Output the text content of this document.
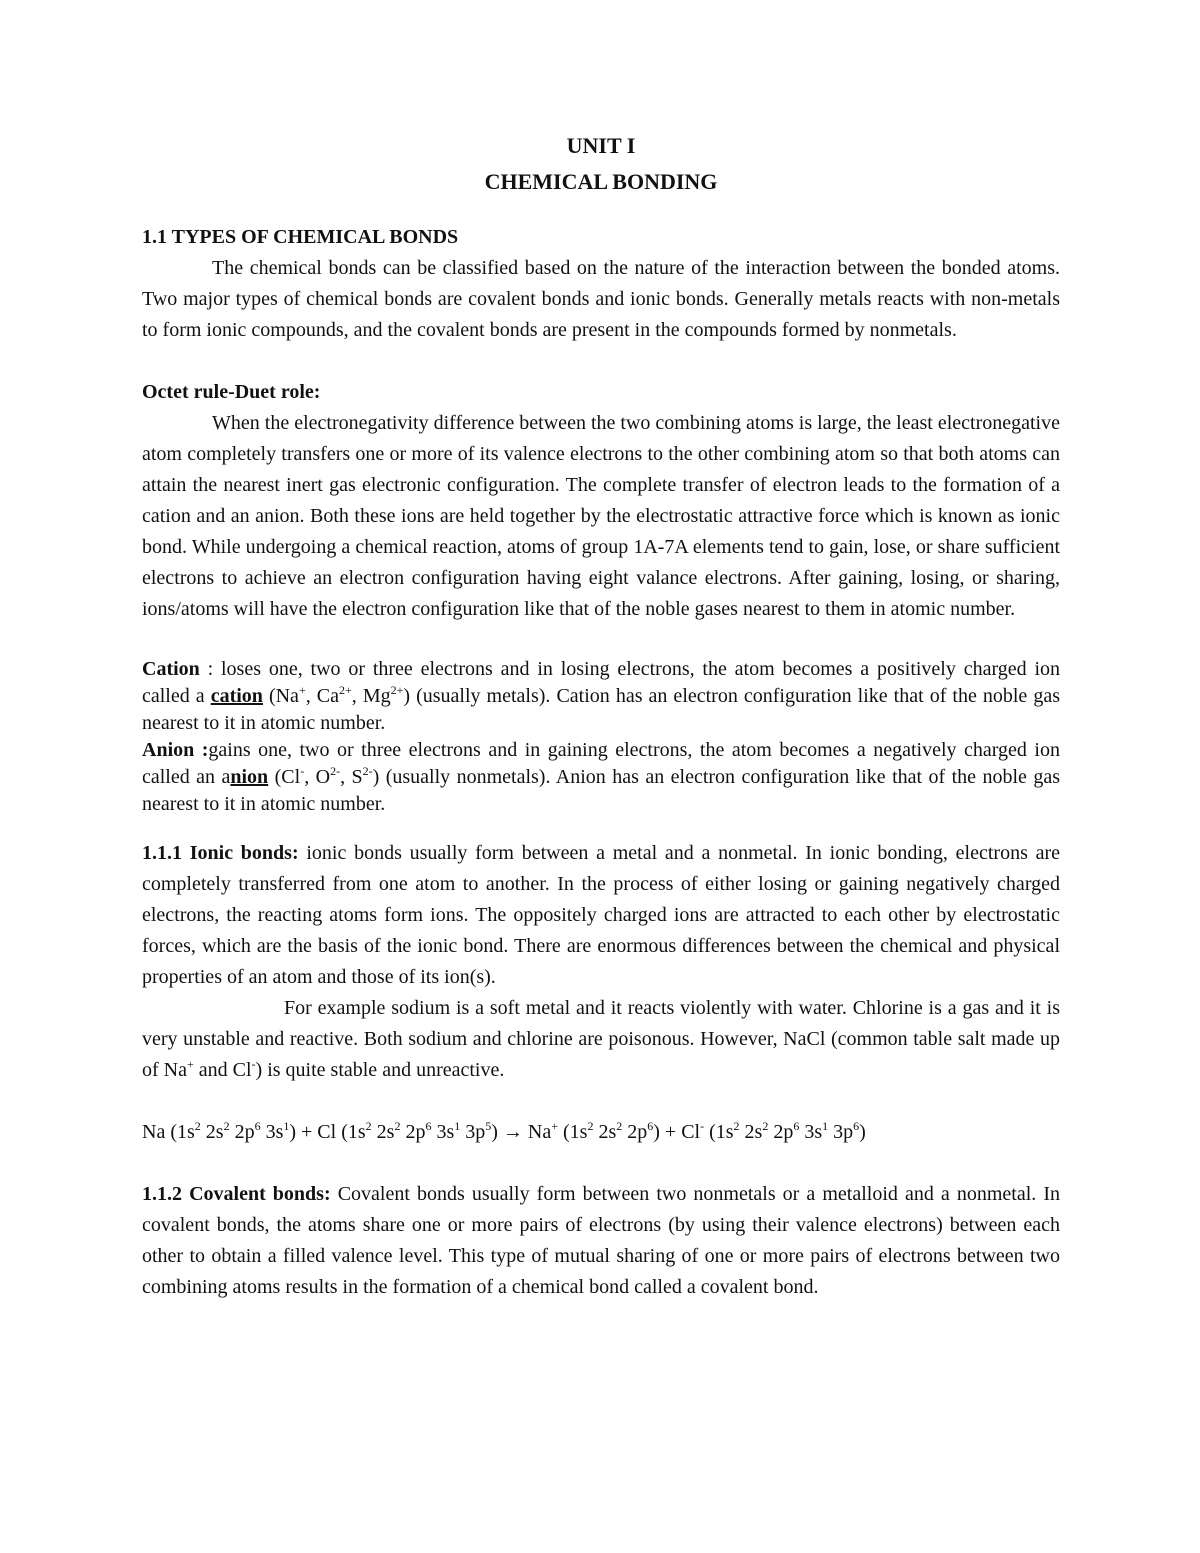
UNIT I

CHEMICAL BONDING

1.1 TYPES OF CHEMICAL BONDS

The chemical bonds can be classified based on the nature of the interaction between the bonded atoms. Two major types of chemical bonds are covalent bonds and ionic bonds. Generally metals reacts with non-metals to form ionic compounds, and the covalent bonds are present in the compounds formed by nonmetals.

Octet rule-Duet role:

When the electronegativity difference between the two combining atoms is large, the least electronegative atom completely transfers one or more of its valence electrons to the other combining atom so that both atoms can attain the nearest inert gas electronic configuration. The complete transfer of electron leads to the formation of a cation and an anion. Both these ions are held together by the electrostatic attractive force which is known as ionic bond. While undergoing a chemical reaction, atoms of group 1A-7A elements tend to gain, lose, or share sufficient electrons to achieve an electron configuration having eight valance electrons. After gaining, losing, or sharing, ions/atoms will have the electron configuration like that of the noble gases nearest to them in atomic number.

Cation : loses one, two or three electrons and in losing electrons, the atom becomes a positively charged ion called a cation (Na+, $Ca^{2+}$, $Mg^{2+}$) (usually metals). Cation has an electron configuration like that of the noble gas nearest to it in atomic number.

Anion :gains one, two or three electrons and in gaining electrons, the atom becomes a negatively charged ion called an anion (Cl-, $O^{2-}$, $S^{2-}$) (usually nonmetals). Anion has an electron configuration like that of the noble gas nearest to it in atomic number.

1.1.1 Ionic bonds: ionic bonds usually form between a metal and a nonmetal. In ionic bonding, electrons are completely transferred from one atom to another. In the process of either losing or gaining negatively charged electrons, the reacting atoms form ions. The oppositely charged ions are attracted to each other by electrostatic forces, which are the basis of the ionic bond. There are enormous differences between the chemical and physical properties of an atom and those of its ion(s).

For example sodium is a soft metal and it reacts violently with water. Chlorine is a gas and it is very unstable and reactive. Both sodium and chlorine are poisonous. However, NaCl (common table salt made up of Na+ and Cl-) is quite stable and unreactive.

Na ($1s^2$ $2s^2$ $2p^6$ $3s^1) + Cl$ ($1s^2$ $2s^2$ $2p^6$ $3s^1$ $3p^5) \to Na^+$ ($1s^2$ $2s^2$ $2p^6) + Cl^-$ ($1s^2$ $2s^2$ $2p^6$ $3s^1$ $3p^6$)

1.1.2 Covalent bonds: Covalent bonds usually form between two nonmetals or a metalloid and a nonmetal. In covalent bonds, the atoms share one or more pairs of electrons (by using their valence electrons) between each other to obtain a filled valence level. This type of mutual sharing of one or more pairs of electrons between two combining atoms results in the formation of a chemical bond called a covalent bond.
